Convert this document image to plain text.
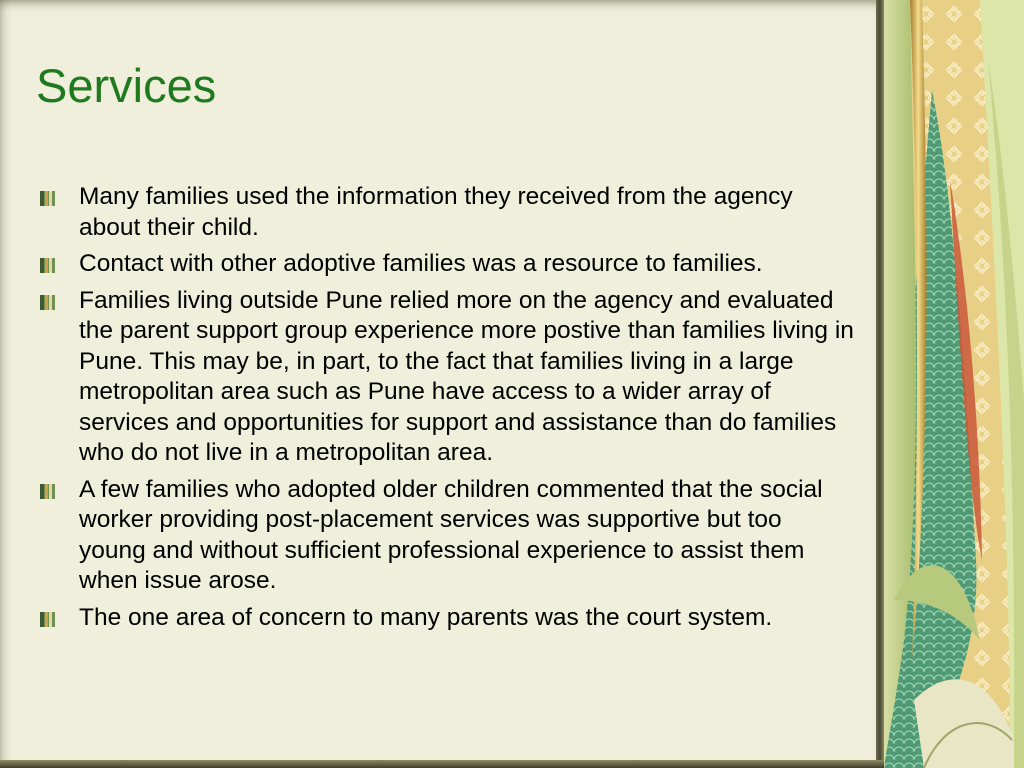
Services
Many families used the information they received from the agency about their child.
Contact with other adoptive families was a resource to families.
Families living outside Pune relied more on the agency and evaluated the parent support group experience more postive than families living in Pune. This may be, in part, to the fact that families living in a large metropolitan area such as Pune have access to a wider array of services and opportunities for support and assistance than do families who do not live in a metropolitan area.
A few families who adopted older children commented that the social worker providing post-placement services was supportive but too young and without sufficient professional experience to assist them when issue arose.
The one area of concern to many parents was the court system.
